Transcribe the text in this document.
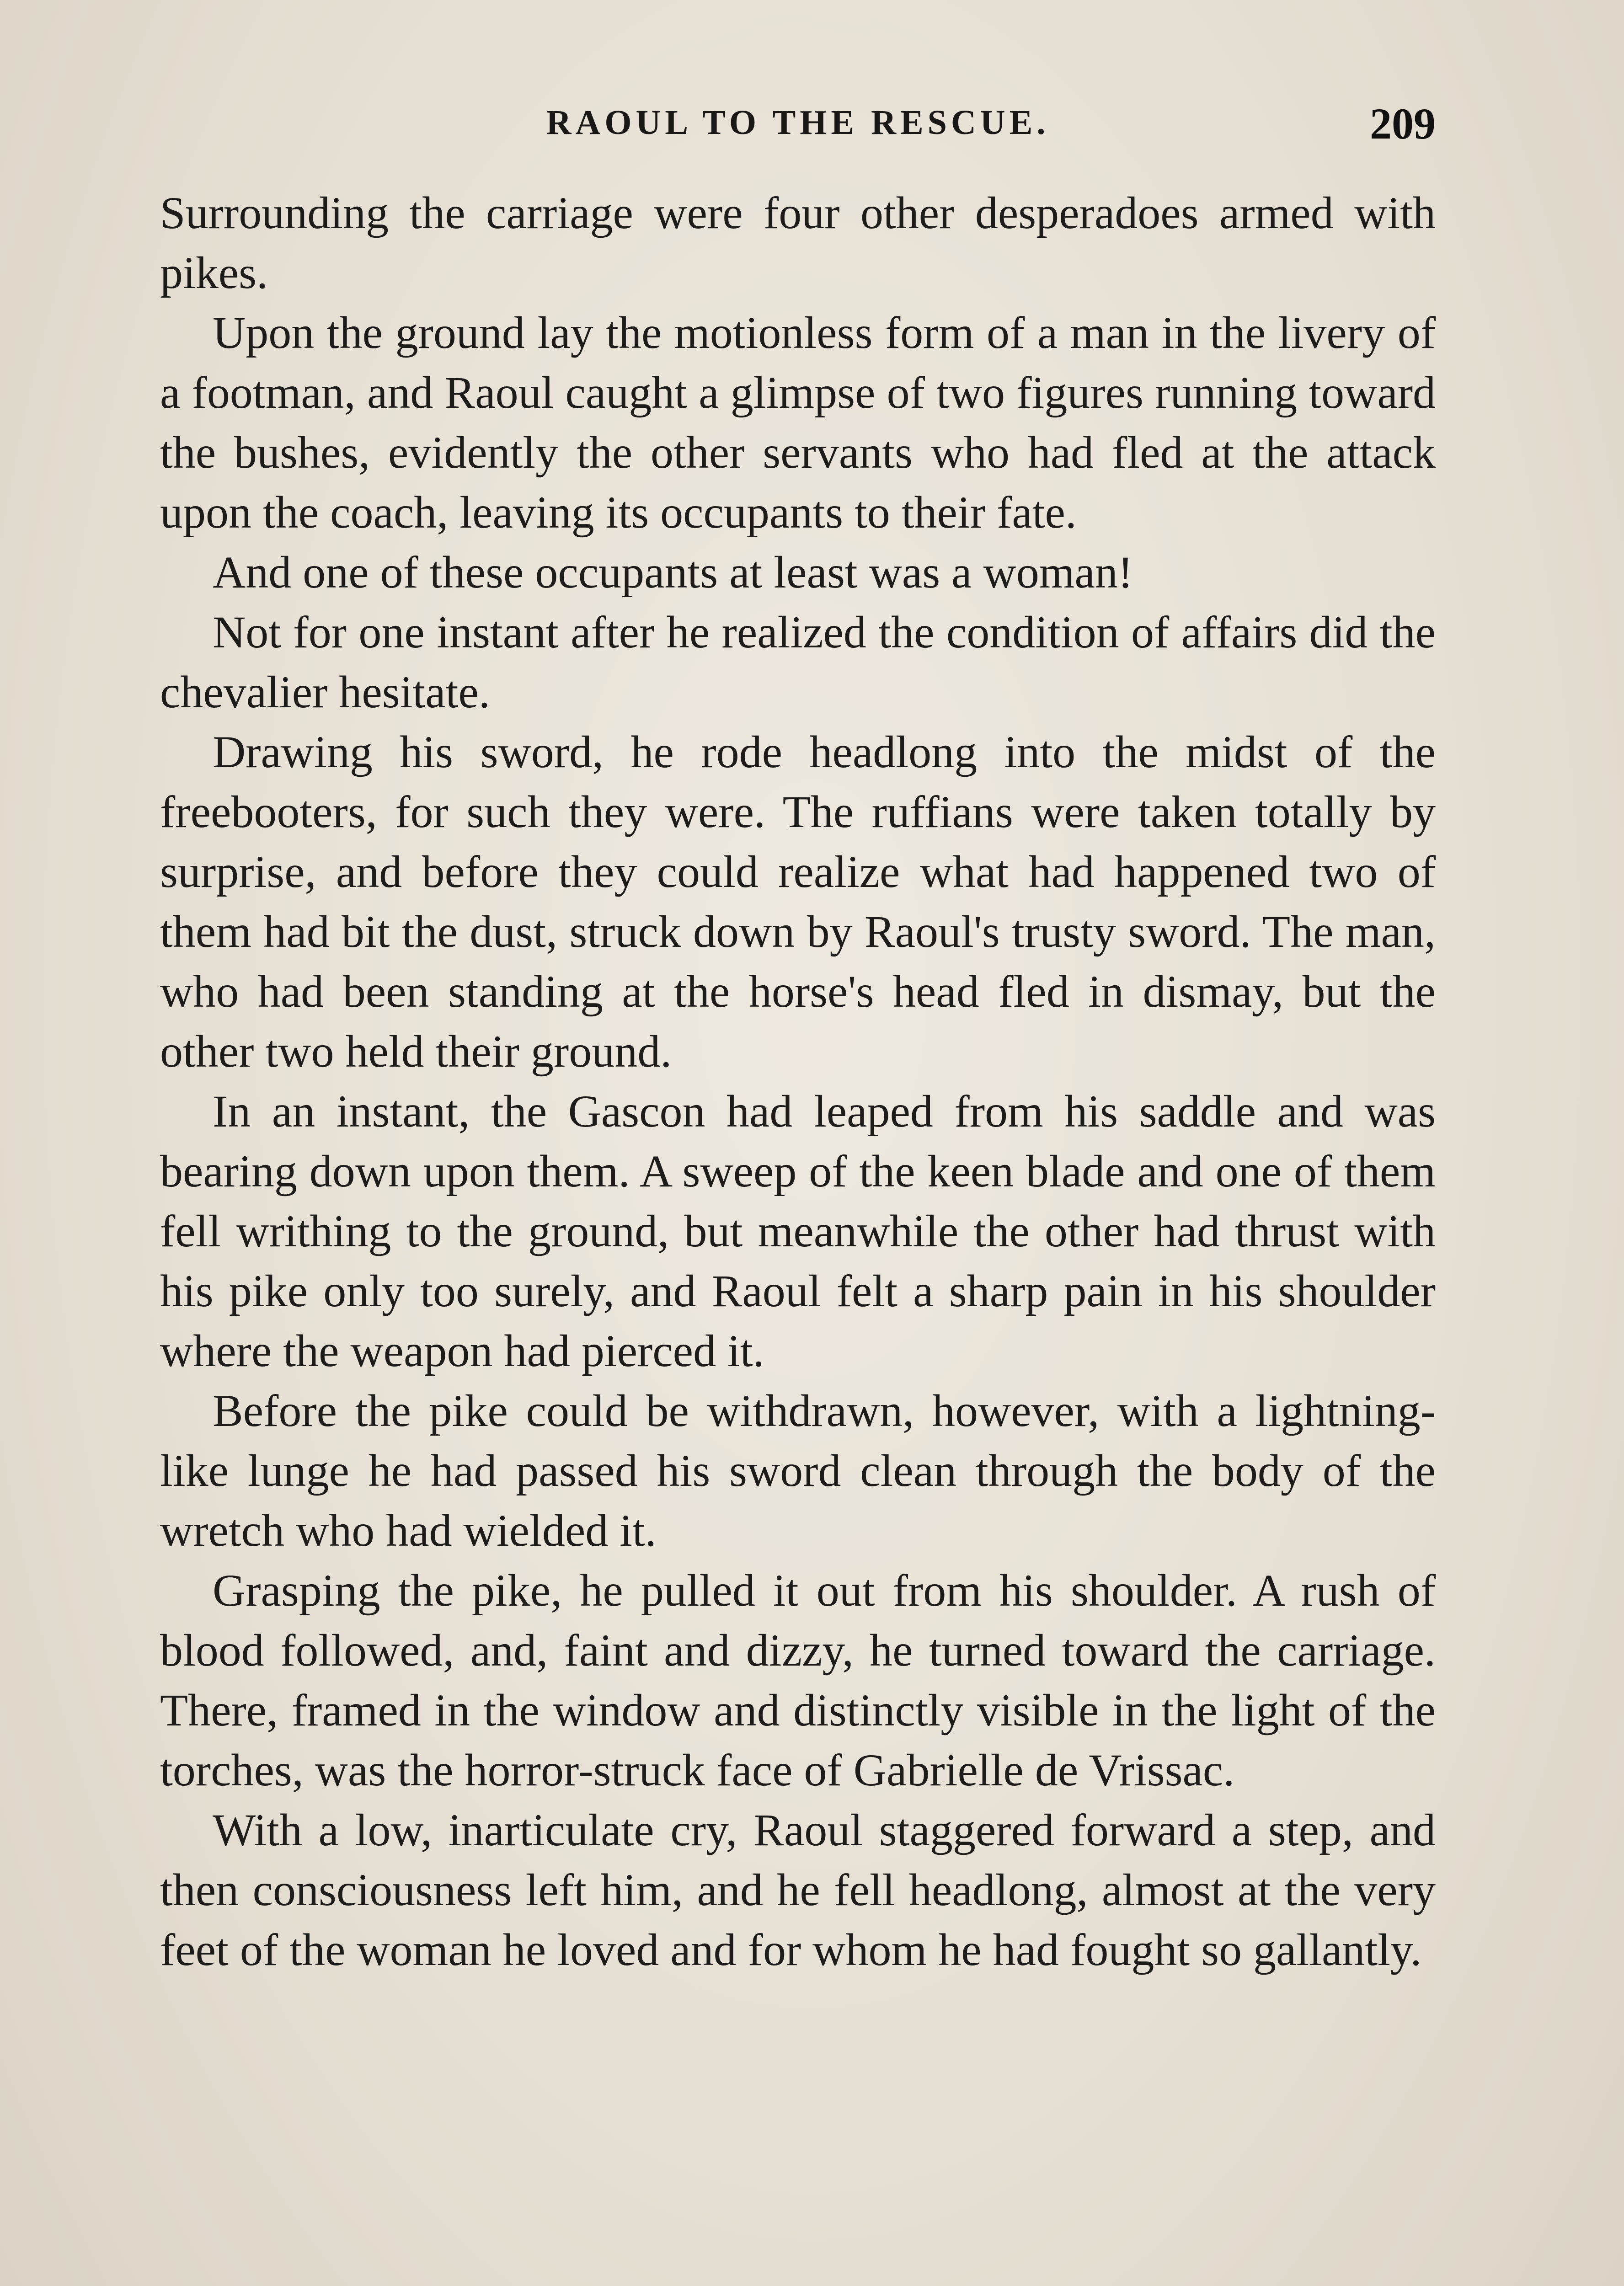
RAOUL TO THE RESCUE.	209

Surrounding the carriage were four other desperadoes armed with pikes.

Upon the ground lay the motionless form of a man in the livery of a footman, and Raoul caught a glimpse of two figures running toward the bushes, evidently the other servants who had fled at the attack upon the coach, leaving its occupants to their fate.

And one of these occupants at least was a woman!

Not for one instant after he realized the condition of affairs did the chevalier hesitate.

Drawing his sword, he rode headlong into the midst of the freebooters, for such they were. The ruffians were taken totally by surprise, and before they could realize what had happened two of them had bit the dust, struck down by Raoul's trusty sword. The man, who had been standing at the horse's head fled in dismay, but the other two held their ground.

In an instant, the Gascon had leaped from his saddle and was bearing down upon them. A sweep of the keen blade and one of them fell writhing to the ground, but meanwhile the other had thrust with his pike only too surely, and Raoul felt a sharp pain in his shoulder where the weapon had pierced it.

Before the pike could be withdrawn, however, with a lightning-like lunge he had passed his sword clean through the body of the wretch who had wielded it.

Grasping the pike, he pulled it out from his shoulder. A rush of blood followed, and, faint and dizzy, he turned toward the carriage. There, framed in the window and distinctly visible in the light of the torches, was the horror-struck face of Gabrielle de Vrissac.

With a low, inarticulate cry, Raoul staggered forward a step, and then consciousness left him, and he fell headlong, almost at the very feet of the woman he loved and for whom he had fought so gallantly.
